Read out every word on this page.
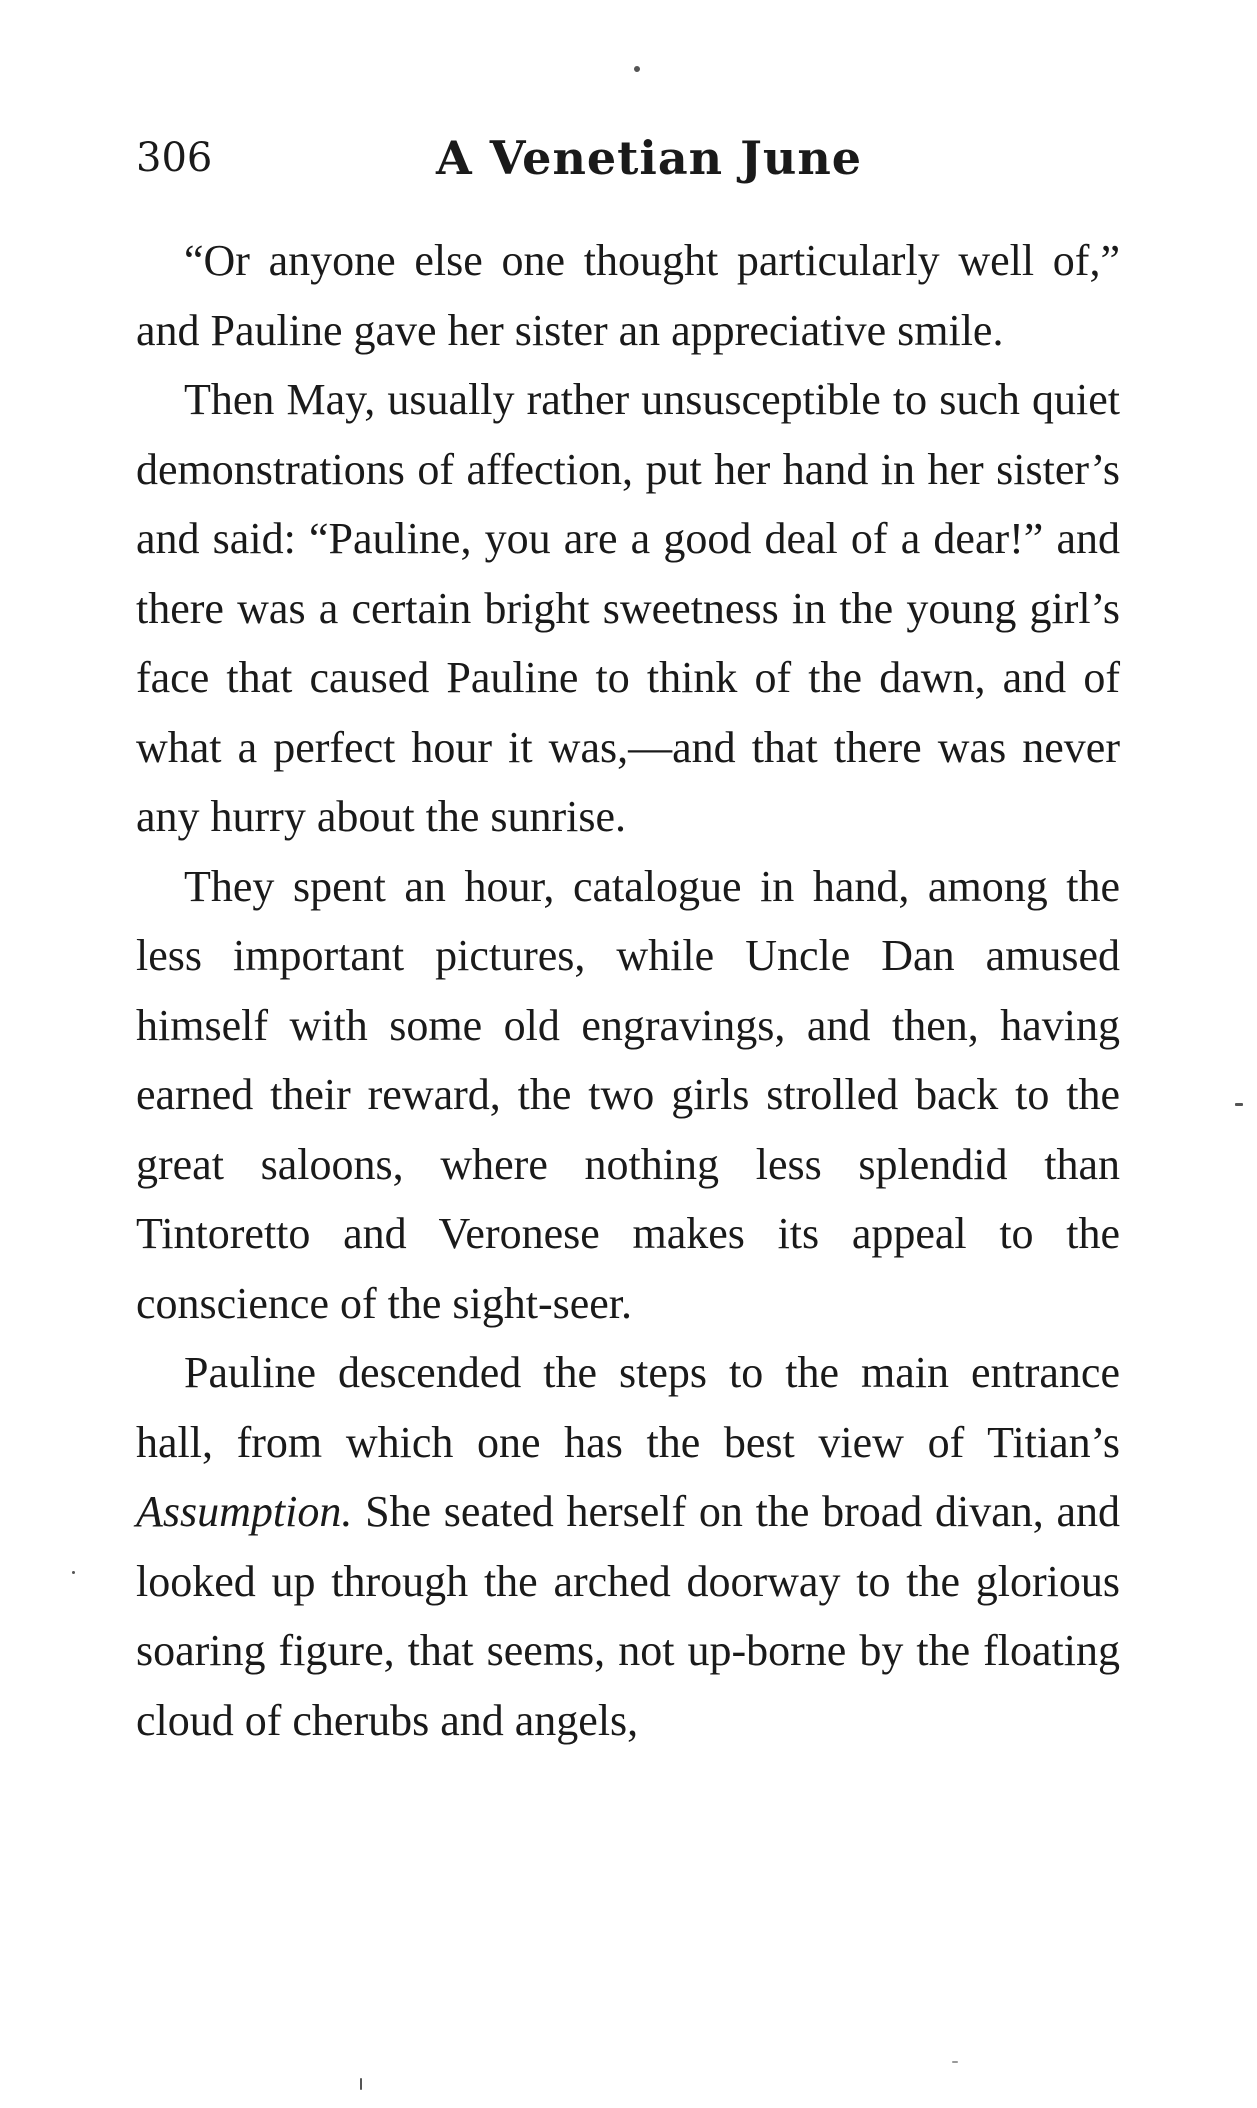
306	A Venetian June

“Or anyone else one thought particularly well of,” and Pauline gave her sister an appreciative smile.

Then May, usually rather unsusceptible to such quiet demonstrations of affection, put her hand in her sister’s and said: “Pauline, you are a good deal of a dear!” and there was a certain bright sweetness in the young girl’s face that caused Pauline to think of the dawn, and of what a perfect hour it was,—and that there was never any hurry about the sunrise.

They spent an hour, catalogue in hand, among the less important pictures, while Uncle Dan amused himself with some old engravings, and then, having earned their reward, the two girls strolled back to the great saloons, where nothing less splendid than Tintoretto and Veronese makes its appeal to the conscience of the sight-seer.

Pauline descended the steps to the main entrance hall, from which one has the best view of Titian’s Assumption. She seated herself on the broad divan, and looked up through the arched doorway to the glorious soaring figure, that seems, not up-borne by the floating cloud of cherubs and angels,
